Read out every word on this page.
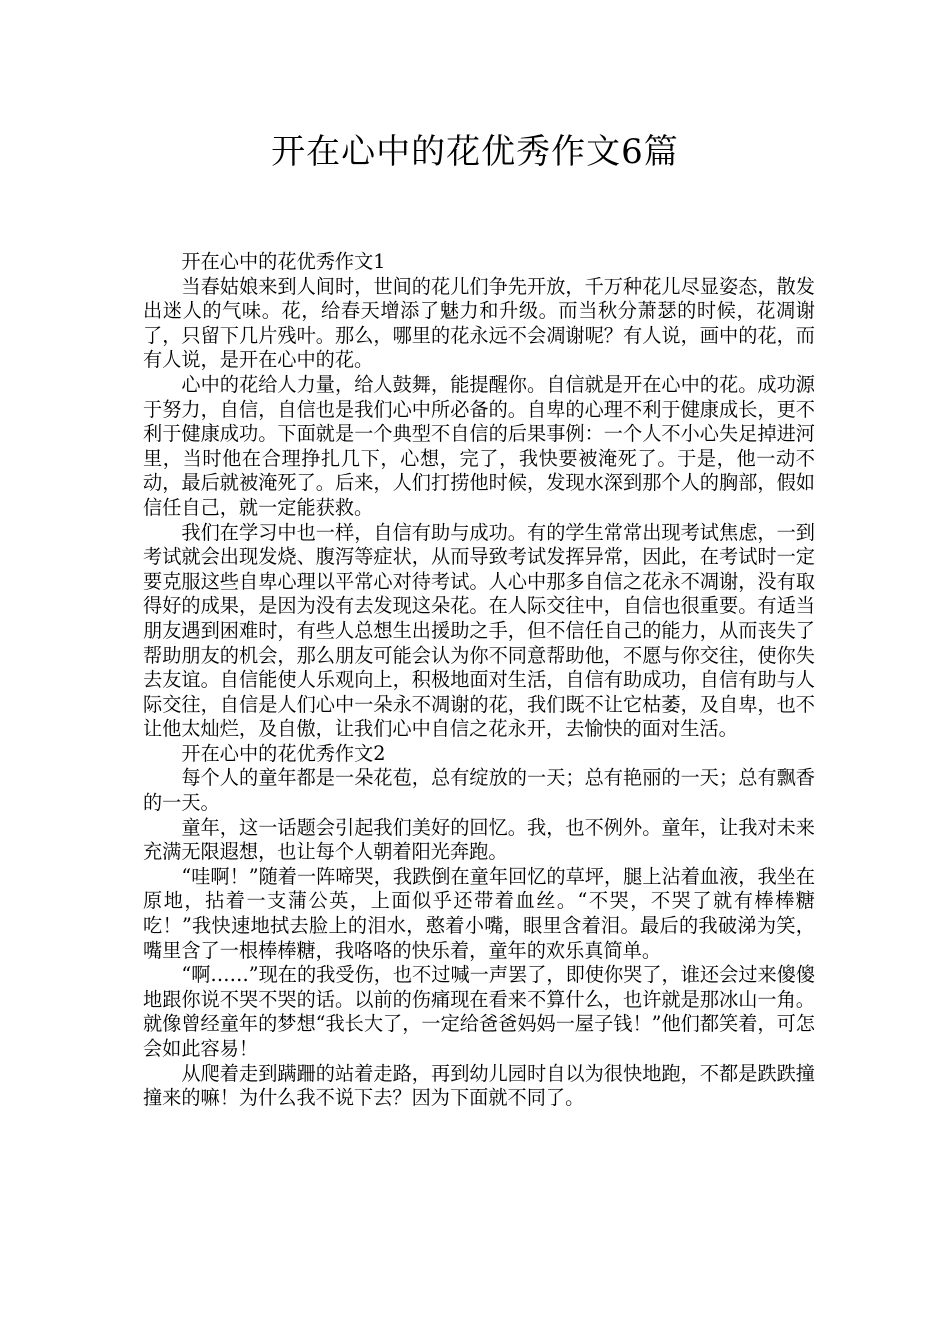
开在心中的花优秀作文6篇

开在心中的花优秀作文1

当春姑娘来到人间时，世间的花儿们争先开放，千万种花儿尽显姿态，散发出迷人的气味。花，给春天增添了魅力和升级。而当秋分萧瑟的时候，花凋谢了，只留下几片残叶。那么，哪里的花永远不会凋谢呢？有人说，画中的花，而有人说，是开在心中的花。

心中的花给人力量，给人鼓舞，能提醒你。自信就是开在心中的花。成功源于努力，自信，自信也是我们心中所必备的。自卑的心理不利于健康成长，更不利于健康成功。下面就是一个典型不自信的后果事例：一个人不小心失足掉进河里，当时他在合理挣扎几下，心想，完了，我快要被淹死了。于是，他一动不动，最后就被淹死了。后来，人们打捞他时候，发现水深到那个人的胸部，假如信任自己，就一定能获救。

我们在学习中也一样，自信有助与成功。有的学生常常出现考试焦虑，一到考试就会出现发烧、腹泻等症状，从而导致考试发挥异常，因此，在考试时一定要克服这些自卑心理以平常心对待考试。人心中那多自信之花永不凋谢，没有取得好的成果，是因为没有去发现这朵花。在人际交往中，自信也很重要。有适当朋友遇到困难时，有些人总想生出援助之手，但不信任自己的能力，从而丧失了帮助朋友的机会，那么朋友可能会认为你不同意帮助他，不愿与你交往，使你失去友谊。自信能使人乐观向上，积极地面对生活，自信有助成功，自信有助与人际交往，自信是人们心中一朵永不凋谢的花，我们既不让它枯萎，及自卑，也不让他太灿烂，及自傲，让我们心中自信之花永开，去愉快的面对生活。

开在心中的花优秀作文2

每个人的童年都是一朵花苞，总有绽放的一天；总有艳丽的一天；总有飘香的一天。

童年，这一话题会引起我们美好的回忆。我，也不例外。童年，让我对未来充满无限遐想，也让每个人朝着阳光奔跑。

“哇啊！”随着一阵啼哭，我跌倒在童年回忆的草坪，腿上沾着血液，我坐在原地，拈着一支蒲公英，上面似乎还带着血丝。“不哭，不哭了就有棒棒糖吃！”我快速地拭去脸上的泪水，憨着小嘴，眼里含着泪。最后的我破涕为笑，嘴里含了一根棒棒糖，我咯咯的快乐着，童年的欢乐真简单。

“啊……”现在的我受伤，也不过喊一声罢了，即使你哭了，谁还会过来傻傻地跟你说不哭不哭的话。以前的伤痛现在看来不算什么，也许就是那冰山一角。就像曾经童年的梦想“我长大了，一定给爸爸妈妈一屋子钱！”他们都笑着，可怎会如此容易！

从爬着走到蹒跚的站着走路，再到幼儿园时自以为很快地跑，不都是跌跌撞撞来的嘛！为什么我不说下去？因为下面就不同了。
